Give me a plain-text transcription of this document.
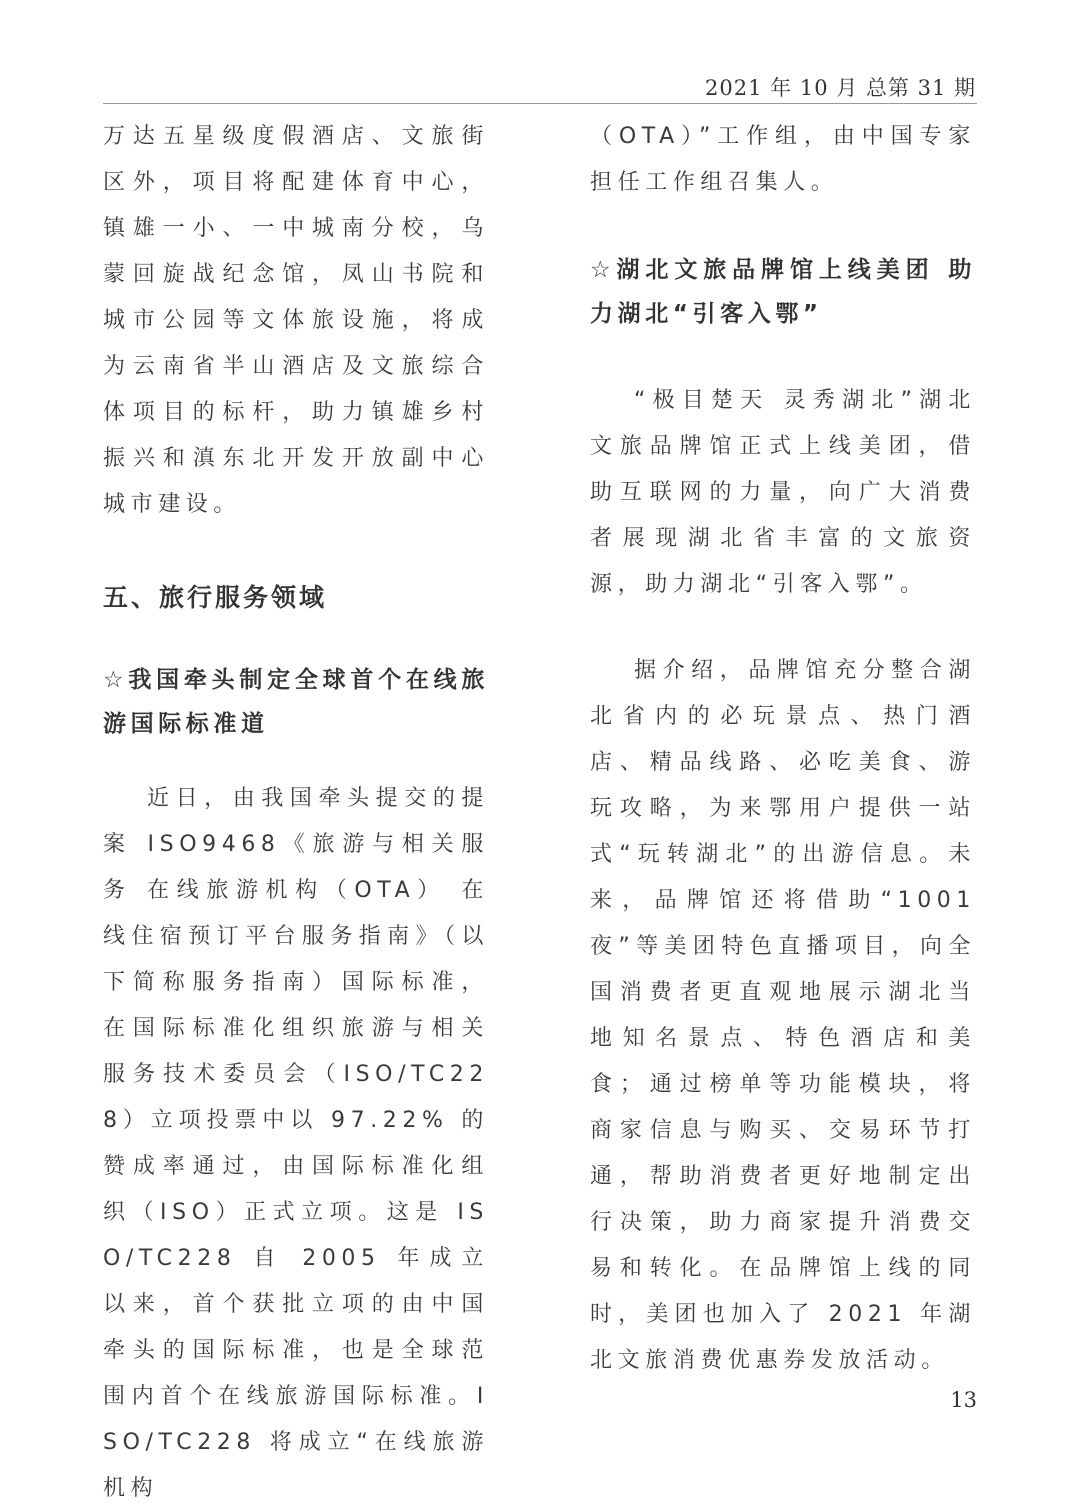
2021 年 10 月 总第 31 期

万达五星级度假酒店、文旅街区外，项目将配建体育中心，镇雄一小、一中城南分校，乌蒙回旋战纪念馆，凤山书院和城市公园等文体旅设施，将成为云南省半山酒店及文旅综合体项目的标杆，助力镇雄乡村振兴和滇东北开发开放副中心城市建设。

五、旅行服务领域
☆我国牵头制定全球首个在线旅游国际标准道

近日，由我国牵头提交的提案 ISO9468《旅游与相关服务 在线旅游机构（OTA） 在线住宿预订平台服务指南》（以下简称服务指南）国际标准，在国际标准化组织旅游与相关服务技术委员会（ISO/TC228）立项投票中以 97.22% 的赞成率通过，由国际标准化组织（ISO）正式立项。这是 ISO/TC228 自 2005 年成立以来，首个获批立项的由中国牵头的国际标准，也是全球范围内首个在线旅游国际标准。ISO/TC228 将成立“在线旅游机构

（OTA）”工作组，由中国专家担任工作组召集人。

☆湖北文旅品牌馆上线美团 助力湖北“引客入鄂”

“极目楚天 灵秀湖北”湖北文旅品牌馆正式上线美团，借助互联网的力量，向广大消费者展现湖北省丰富的文旅资源，助力湖北“引客入鄂”。

据介绍，品牌馆充分整合湖北省内的必玩景点、热门酒店、精品线路、必吃美食、游玩攻略，为来鄂用户提供一站式“玩转湖北”的出游信息。未来，品牌馆还将借助“1001 夜”等美团特色直播项目，向全国消费者更直观地展示湖北当地知名景点、特色酒店和美食；通过榜单等功能模块，将商家信息与购买、交易环节打通，帮助消费者更好地制定出行决策，助力商家提升消费交易和转化。在品牌馆上线的同时，美团也加入了 2021 年湖北文旅消费优惠券发放活动。

13
